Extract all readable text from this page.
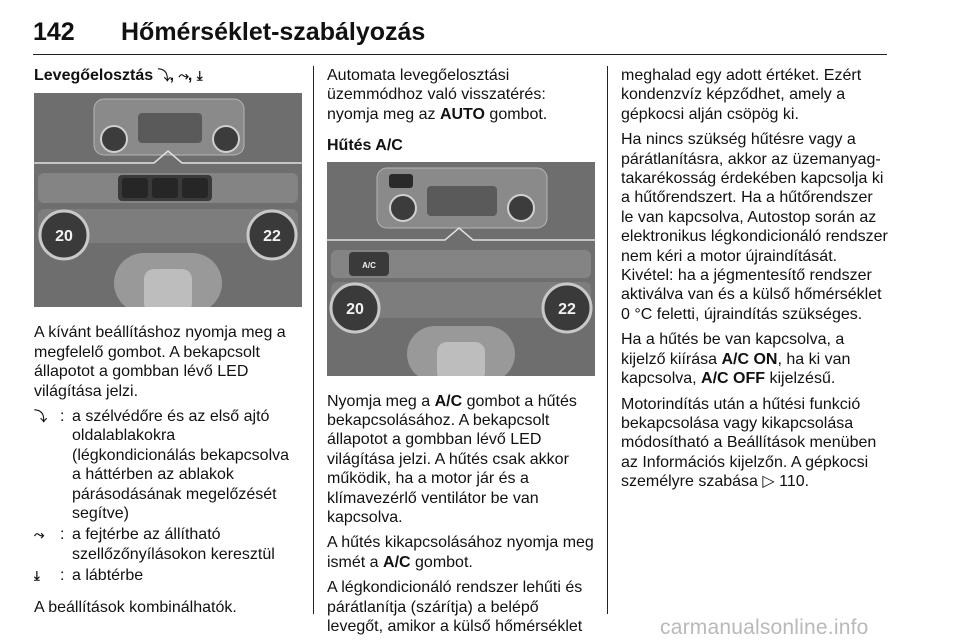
142 Hőmérséklet-szabályozás

Levegőelosztás ⤵, ⤳, ⤓

20	22

A kívánt beállításhoz nyomja meg a megfelelő gombot. A bekapcsolt állapotot a gombban lévő LED világítása jelzi.

⤵ : a szélvédőre és az első ajtó oldalablakokra (légkondicionálás bekapcsolva a háttérben az ablakok párásodásának megelőzését segítve)
⤳ : a fejtérbe az állítható szellőzőnyílásokon keresztül
⤓ : a lábtérbe

A beállítások kombinálhatók.

Automata levegőelosztási üzemmódhoz való visszatérés: nyomja meg az AUTO gombot.

Hűtés A/C

A/C
20	22

Nyomja meg a A/C gombot a hűtés bekapcsolásához. A bekapcsolt állapotot a gombban lévő LED világítása jelzi. A hűtés csak akkor működik, ha a motor jár és a klímavezérlő ventilátor be van kapcsolva.

A hűtés kikapcsolásához nyomja meg ismét a A/C gombot.

A légkondicionáló rendszer lehűti és párátlanítja (szárítja) a belépő levegőt, amikor a külső hőmérséklet

meghalad egy adott értéket. Ezért kondenzvíz képződhet, amely a gépkocsi alján csöpög ki.

Ha nincs szükség hűtésre vagy a párátlanításra, akkor az üzemanyag-takarékosság érdekében kapcsolja ki a hűtőrendszert. Ha a hűtőrendszer le van kapcsolva, Autostop során az elektronikus légkondicionáló rendszer nem kéri a motor újraindítását. Kivétel: ha a jégmentesítő rendszer aktiválva van és a külső hőmérséklet 0 °C feletti, újraindítás szükséges.

Ha a hűtés be van kapcsolva, a kijelző kiírása A/C ON, ha ki van kapcsolva, A/C OFF kijelzésű.

Motorindítás után a hűtési funkció bekapcsolása vagy kikapcsolása módosítható a Beállítások menüben az Információs kijelzőn. A gépkocsi személyre szabása ▷ 110.

carmanualsonline.info
